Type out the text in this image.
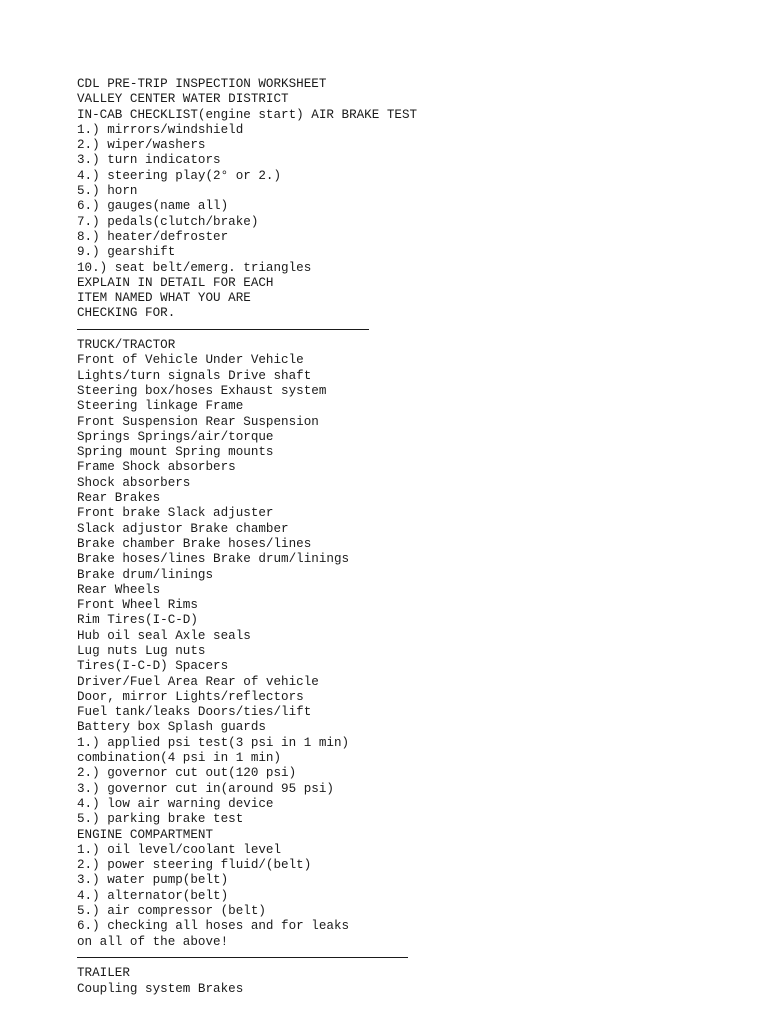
CDL PRE-TRIP INSPECTION WORKSHEET
VALLEY CENTER WATER DISTRICT
IN-CAB CHECKLIST(engine start) AIR BRAKE TEST
1.) mirrors/windshield
2.) wiper/washers
3.) turn indicators
4.) steering play(2° or 2.)
5.) horn
6.) gauges(name all)
7.) pedals(clutch/brake)
8.) heater/defroster
9.) gearshift
10.) seat belt/emerg. triangles
EXPLAIN IN DETAIL FOR EACH
ITEM NAMED WHAT YOU ARE
CHECKING FOR.
TRUCK/TRACTOR
Front of Vehicle Under Vehicle
Lights/turn signals Drive shaft
Steering box/hoses Exhaust system
Steering linkage Frame
Front Suspension Rear Suspension
Springs Springs/air/torque
Spring mount Spring mounts
Frame Shock absorbers
Shock absorbers
Rear Brakes
Front brake Slack adjuster
Slack adjustor Brake chamber
Brake chamber Brake hoses/lines
Brake hoses/lines Brake drum/linings
Brake drum/linings
Rear Wheels
Front Wheel Rims
Rim Tires(I-C-D)
Hub oil seal Axle seals
Lug nuts Lug nuts
Tires(I-C-D) Spacers
Driver/Fuel Area Rear of vehicle
Door, mirror Lights/reflectors
Fuel tank/leaks Doors/ties/lift
Battery box Splash guards
1.) applied psi test(3 psi in 1 min)
combination(4 psi in 1 min)
2.) governor cut out(120 psi)
3.) governor cut in(around 95 psi)
4.) low air warning device
5.) parking brake test
ENGINE COMPARTMENT
1.) oil level/coolant level
2.) power steering fluid/(belt)
3.) water pump(belt)
4.) alternator(belt)
5.) air compressor (belt)
6.) checking all hoses and for leaks
on all of the above!
TRAILER
Coupling system Brakes
